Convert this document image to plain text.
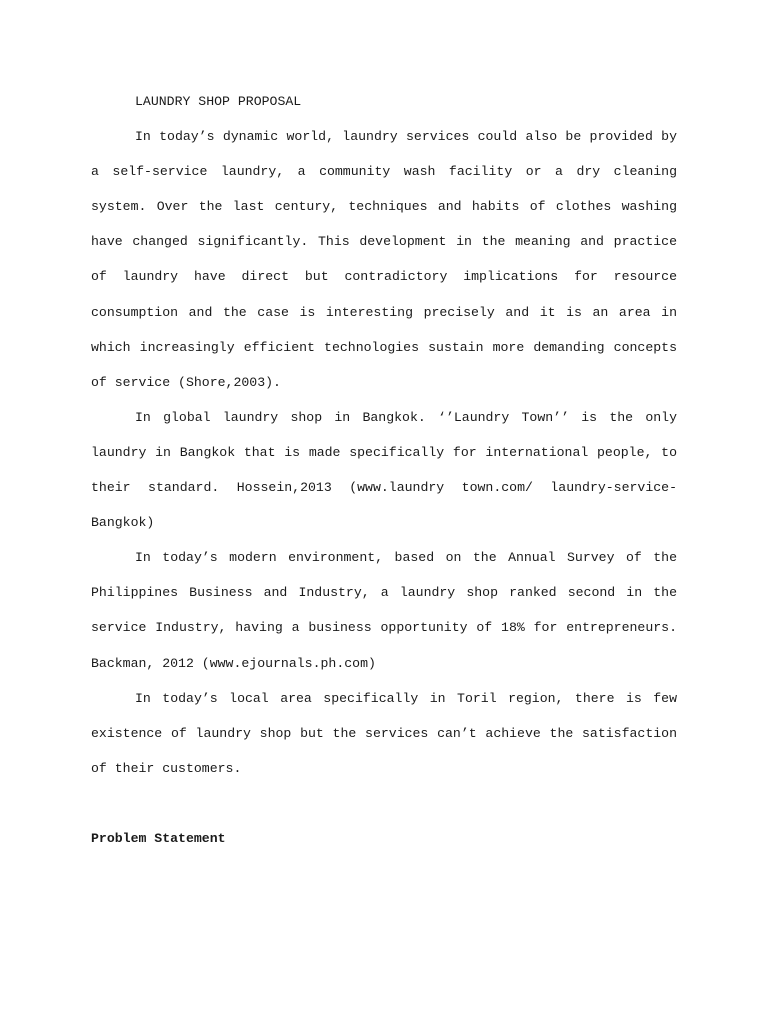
LAUNDRY SHOP PROPOSAL

In today’s dynamic world, laundry services could also be provided by a self-service laundry, a community wash facility or a dry cleaning system. Over the last century, techniques and habits of clothes washing have changed significantly. This development in the meaning and practice of laundry have direct but contradictory implications for resource consumption and the case is interesting precisely and it is an area in which increasingly efficient technologies sustain more demanding concepts of service (Shore,2003).

In global laundry shop in Bangkok. ‘’Laundry Town’’ is the only laundry in Bangkok that is made specifically for international people, to their standard. Hossein,2013 (www.laundry town.com/ laundry-service-Bangkok)

In today’s modern environment, based on the Annual Survey of the Philippines Business and Industry, a laundry shop ranked second in the service Industry, having a business opportunity of 18% for entrepreneurs. Backman, 2012 (www.ejournals.ph.com)

In today’s local area specifically in Toril region, there is few existence of laundry shop but the services can’t achieve the satisfaction of their customers.

Problem Statement
